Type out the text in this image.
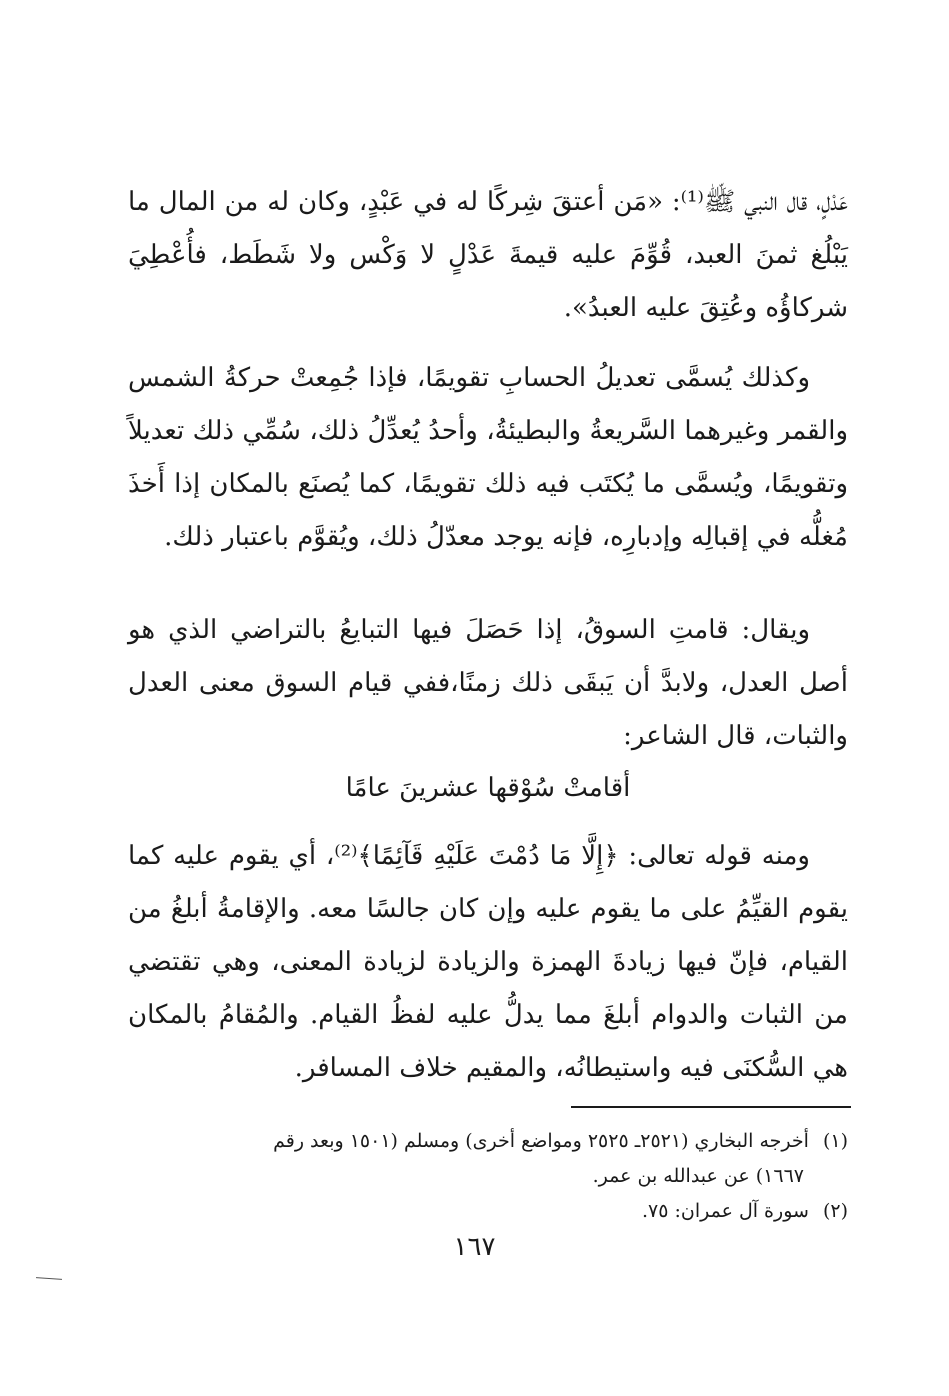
عَدْلٍ، قال النبي ﷺ⁽¹⁾: «مَن أعتقَ شِركًا له في عَبْدٍ، وكان له من المال ما يَبْلُغ ثمنَ العبد، قُوِّمَ عليه قيمةَ عَدْلٍ لا وَكْس ولا شَطَط، فأُعْطِيَ شركاؤُه وعُتِقَ عليه العبدُ».

وكذلك يُسمَّى تعديلُ الحسابِ تقويمًا، فإذا جُمِعتْ حركةُ الشمس والقمر وغيرهما السَّريعةُ والبطيئةُ، وأحدُ يُعدِّلُ ذلك، سُمِّي ذلك تعديلاً وتقويمًا، ويُسمَّى ما يُكتَب فيه ذلك تقويمًا، كما يُصنَع بالمكان إذا أَخذَ مُغلُّه في إقبالِه وإدبارِه، فإنه يوجد معدّلُ ذلك، ويُقوَّم باعتبار ذلك.

ويقال: قامتِ السوقُ، إذا حَصَلَ فيها التبايعُ بالتراضي الذي هو أصل العدل، ولابدَّ أن يَبقَى ذلك زمنًا،ففي قيام السوق معنى العدل والثبات، قال الشاعر:

أقامتْ سُوْقها عشرينَ عامًا

ومنه قوله تعالى: ﴿إِلَّا مَا دُمْتَ عَلَيْهِ قَآئِمًا﴾⁽²⁾، أي يقوم عليه كما يقوم القيِّمُ على ما يقوم عليه وإن كان جالسًا معه. والإقامةُ أبلغُ من القيام، فإنّ فيها زيادةَ الهمزة والزيادة لزيادة المعنى، وهي تقتضي من الثبات والدوام أبلغَ مما يدلُّ عليه لفظُ القيام. والمُقامُ بالمكان هي السُّكنَى فيه واستيطانُه، والمقيم خلاف المسافر.

(١)أخرجه البخاري (٢٥٢١ـ ٢٥٢٥ ومواضع أخرى) ومسلم (١٥٠١ وبعد رقم

١٦٦٧) عن عبدالله بن عمر.

(٢)سورة آل عمران: ٧٥.

١٦٧
